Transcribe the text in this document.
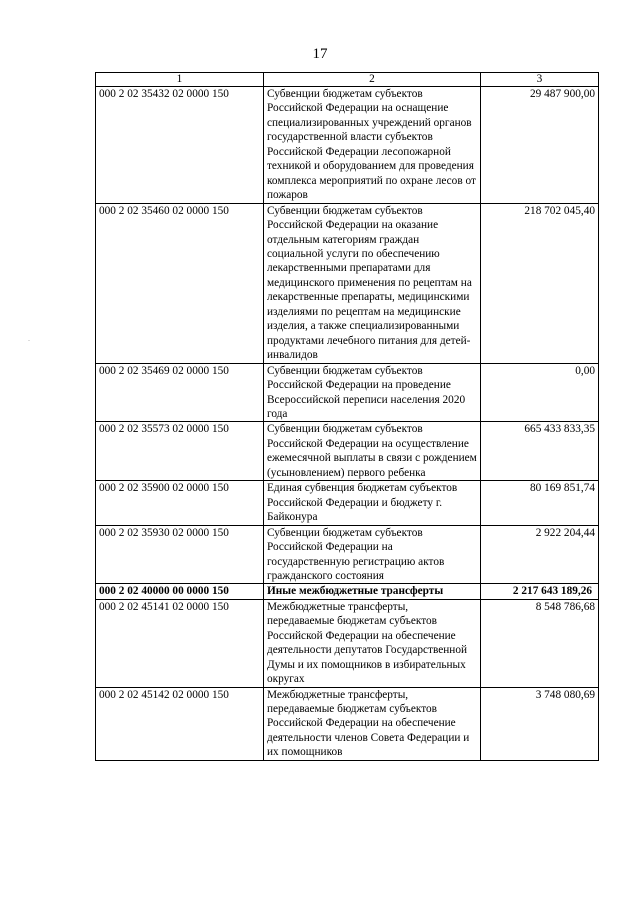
17
1	2	3
000 2 02 35432 02 0000 150	Субвенции бюджетам субъектов Российской Федерации на оснащение специализированных учреждений органов государственной власти субъектов Российской Федерации лесопожарной техникой и оборудованием для проведения комплекса мероприятий по охране лесов от пожаров	29 487 900,00
000 2 02 35460 02 0000 150	Субвенции бюджетам субъектов Российской Федерации на оказание отдельным категориям граждан социальной услуги по обеспечению лекарственными препаратами для медицинского применения по рецептам на лекарственные препараты, медицинскими изделиями по рецептам на медицинские изделия, а также специализированными продуктами лечебного питания для детей-инвалидов	218 702 045,40
000 2 02 35469 02 0000 150	Субвенции бюджетам субъектов Российской Федерации на проведение Всероссийской переписи населения 2020 года	0,00
000 2 02 35573 02 0000 150	Субвенции бюджетам субъектов Российской Федерации на осуществление ежемесячной выплаты в связи с рождением (усыновлением) первого ребенка	665 433 833,35
000 2 02 35900 02 0000 150	Единая субвенция бюджетам субъектов Российской Федерации и бюджету г. Байконура	80 169 851,74
000 2 02 35930 02 0000 150	Субвенции бюджетам субъектов Российской Федерации на государственную регистрацию актов гражданского состояния	2 922 204,44
000 2 02 40000 00 0000 150	Иные межбюджетные трансферты	2 217 643 189,26
000 2 02 45141 02 0000 150	Межбюджетные трансферты, передаваемые бюджетам субъектов Российской Федерации на обеспечение деятельности депутатов Государственной Думы и их помощников в избирательных округах	8 548 786,68
000 2 02 45142 02 0000 150	Межбюджетные трансферты, передаваемые бюджетам субъектов Российской Федерации на обеспечение деятельности членов Совета Федерации и их помощников	3 748 080,69
